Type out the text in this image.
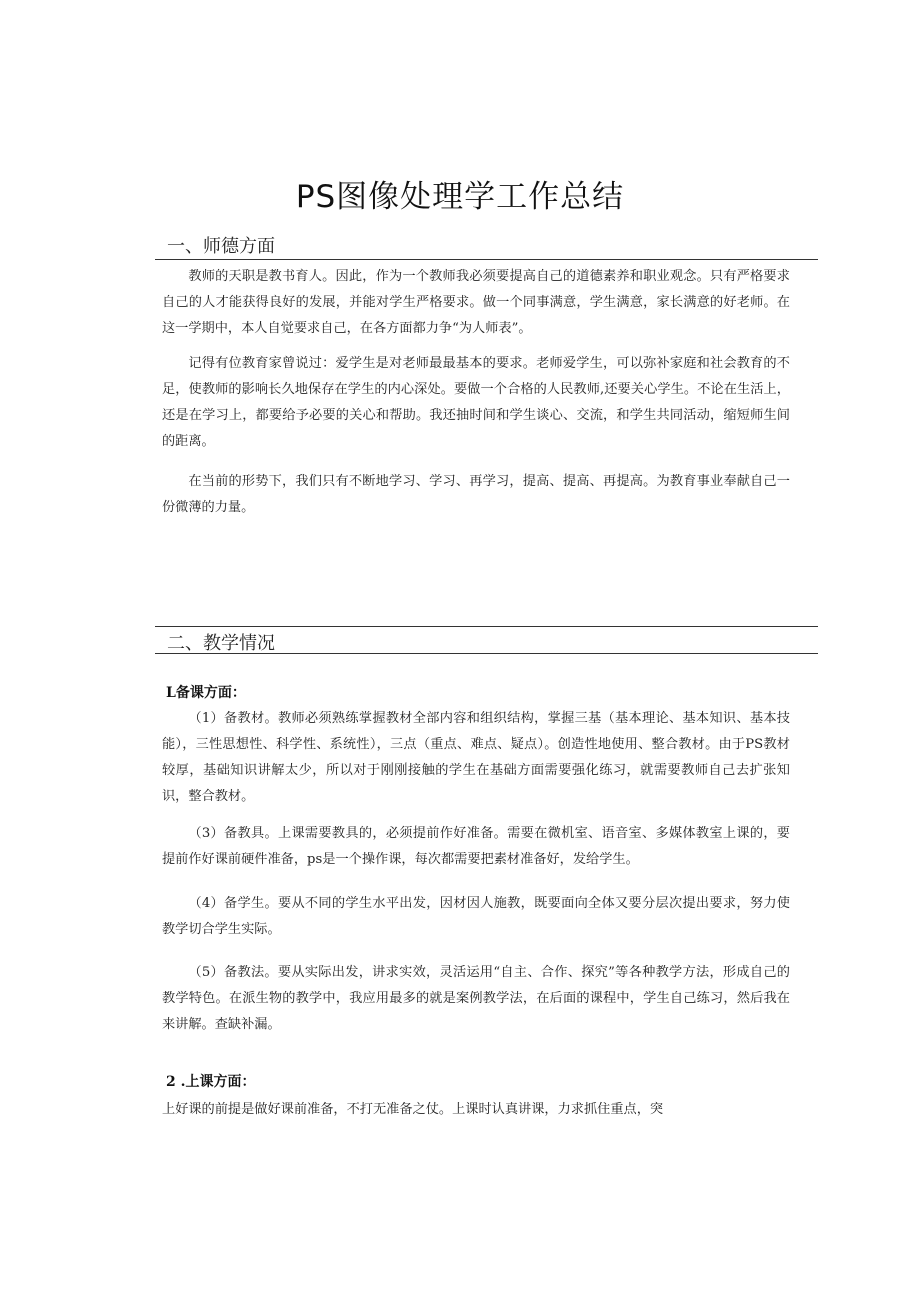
PS图像处理学工作总结
一、师德方面

教师的天职是教书育人。因此，作为一个教师我必须要提高自己的道德素养和职业观念。只有严格要求自己的人才能获得良好的发展，并能对学生严格要求。做一个同事满意，学生满意，家长满意的好老师。在这一学期中，本人自觉要求自己，在各方面都力争“为人师表”。

记得有位教育家曾说过：爱学生是对老师最最基本的要求。老师爱学生，可以弥补家庭和社会教育的不足，使教师的影响长久地保存在学生的内心深处。要做一个合格的人民教师,还要关心学生。不论在生活上，还是在学习上，都要给予必要的关心和帮助。我还抽时间和学生谈心、交流，和学生共同活动，缩短师生间的距离。

在当前的形势下，我们只有不断地学习、学习、再学习，提高、提高、再提高。为教育事业奉献自己一份微薄的力量。

二、教学情况
L备课方面：

（1）备教材。教师必须熟练掌握教材全部内容和组织结构，掌握三基（基本理论、基本知识、基本技能），三性思想性、科学性、系统性），三点（重点、难点、疑点）。创造性地使用、整合教材。由于PS教材较厚，基础知识讲解太少，所以对于刚刚接触的学生在基础方面需要强化练习，就需要教师自己去扩张知识，整合教材。

（3）备教具。上课需要教具的，必须提前作好准备。需要在微机室、语音室、多媒体教室上课的，要提前作好课前硬件准备，ps是一个操作课，每次都需要把素材准备好，发给学生。

（4）备学生。要从不同的学生水平出发，因材因人施教，既要面向全体又要分层次提出要求，努力使教学切合学生实际。

（5）备教法。要从实际出发，讲求实效，灵活运用“自主、合作、探究”等各种教学方法，形成自己的教学特色。在派生物的教学中，我应用最多的就是案例教学法，在后面的课程中，学生自己练习，然后我在来讲解。查缺补漏。

2 .上课方面：

上好课的前提是做好课前准备，不打无准备之仗。上课时认真讲课，力求抓住重点，突
